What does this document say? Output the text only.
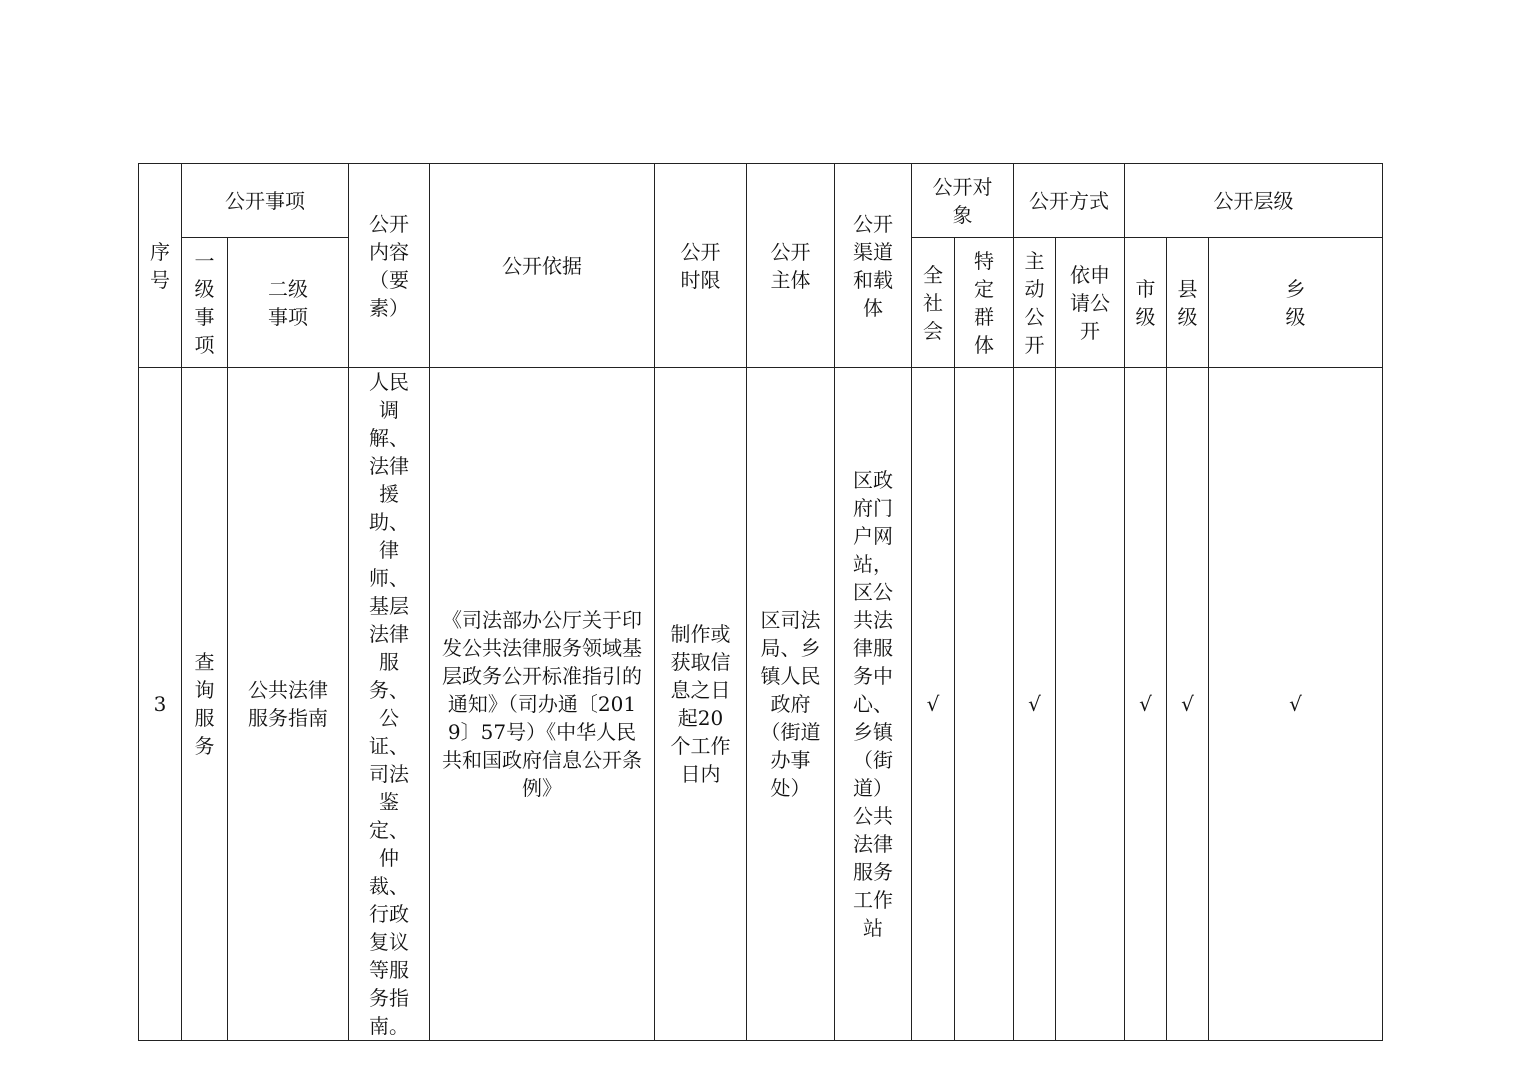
序号	公开事项		公开内容（要素）	公开依据	公开时限	公开主体	公开渠道和载体	公开对象		公开方式		公开层级		

	一级事项	二级事项						全社会	特定群体	主动公开	依申请公开	市级	县级	乡级

3	查询服务	公共法律服务指南	人民调解、法律援助、律师、基层法律服务、公证、司法鉴定、仲裁、行政复议等服务指南。	《司法部办公厅关于印发公共法律服务领域基层政务公开标准指引的通知》（司办通〔2019〕57号）《中华人民共和国政府信息公开条例》	制作或获取信息之日起20个工作日内	区司法局、乡镇人民政府（街道办事处）	区政府门户网站，区公共法律服务中心、乡镇（街道）公共法律服务工作站	√		√		√	√	√
